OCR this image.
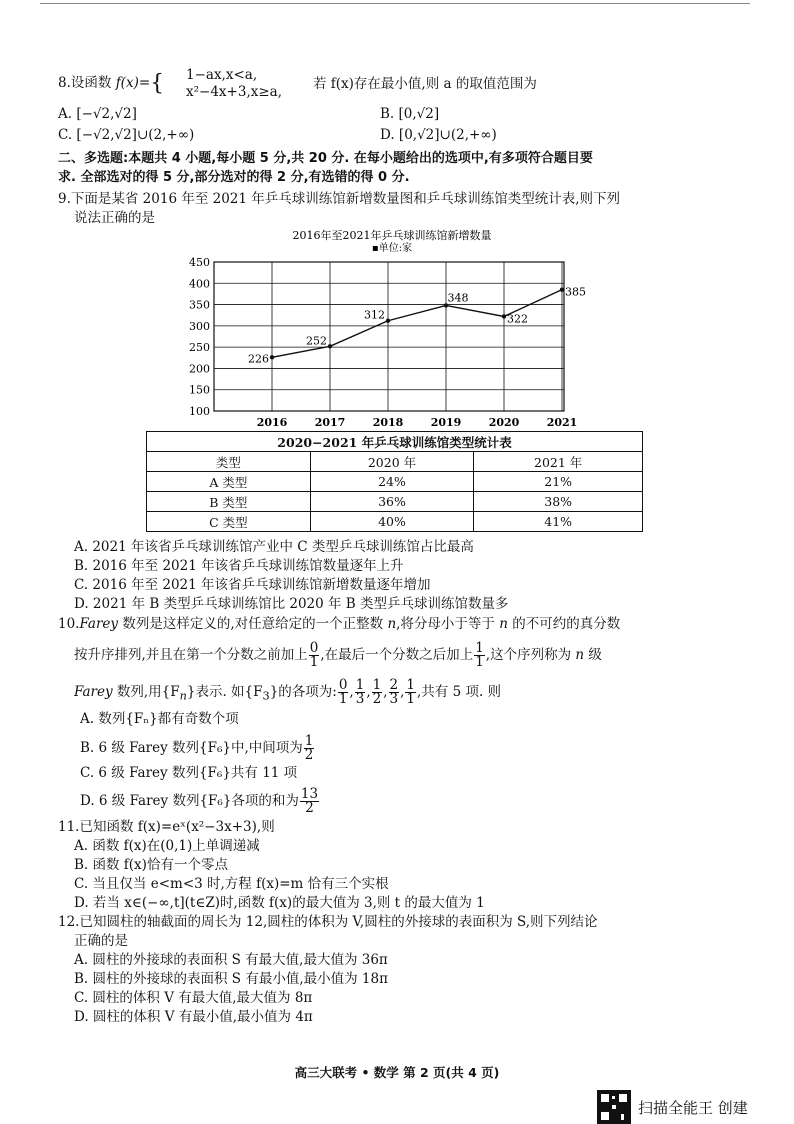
8.设函数 f(x)={ 1−ax,x<a,
x²−4x+3,x≥a, 若 f(x)存在最小值,则 a 的取值范围为
A. [−√2,√2]	B. [0,√2]
C. [−√2,√2]∪(2,+∞)	D. [0,√2]∪(2,+∞)
二、多选题:本题共 4 小题,每小题 5 分,共 20 分. 在每小题给出的选项中,有多项符合题目要
求. 全部选对的得 5 分,部分选对的得 2 分,有选错的得 0 分.
9.下面是某省 2016 年至 2021 年乒乓球训练馆新增数量图和乒乓球训练馆类型统计表,则下列
说法正确的是
2016年至2021年乒乓球训练馆新增数量
▪单位:家
100
150
200
250
300
350
400
450
2016 2017 2018 2019 2020 2021
226
252
312
348
322
385
2020−2021 年乒乓球训练馆类型统计表		
类型	2020 年	2021 年
A 类型	24%	21%
B 类型	36%	38%
C 类型	40%	41%
A. 2021 年该省乒乓球训练馆产业中 C 类型乒乓球训练馆占比最高
B. 2016 年至 2021 年该省乒乓球训练馆数量逐年上升
C. 2016 年至 2021 年该省乒乓球训练馆新增数量逐年增加
D. 2021 年 B 类型乒乓球训练馆比 2020 年 B 类型乒乓球训练馆数量多
10.Farey 数列是这样定义的,对任意给定的一个正整数 n,将分母小于等于 n 的不可约的真分数
按升序排列,并且在第一个分数之前加上 $\frac{0}{1}$ ,在最后一个分数之后加上 $\frac{1}{1}$ ,这个序列称为 n 级
Farey 数列,用$\{F_n\}$表示. 如$\{F_3\}$的各项为: $\frac{0}{1}$ , $\frac{1}{3}$ , $\frac{1}{2}$ , $\frac{2}{3}$ , $\frac{1}{1}$ ,共有 5 项. 则
A. 数列{Fₙ}都有奇数个项
B. 6 级 Farey 数列{F₆}中,中间项为 $\frac{1}{2}$
C. 6 级 Farey 数列{F₆}共有 11 项
D. 6 级 Farey 数列{F₆}各项的和为 $\frac{13}{2}$
11.已知函数 f(x)=eˣ(x²−3x+3),则
A. 函数 f(x)在(0,1)上单调递减
B. 函数 f(x)恰有一个零点
C. 当且仅当 e<m<3 时,方程 f(x)=m 恰有三个实根
D. 若当 x∈(−∞,t](t∈Z)时,函数 f(x)的最大值为 3,则 t 的最大值为 1
12.已知圆柱的轴截面的周长为 12,圆柱的体积为 V,圆柱的外接球的表面积为 S,则下列结论
正确的是
A. 圆柱的外接球的表面积 S 有最大值,最大值为 36π
B. 圆柱的外接球的表面积 S 有最小值,最小值为 18π
C. 圆柱的体积 V 有最大值,最大值为 8π
D. 圆柱的体积 V 有最小值,最小值为 4π
高三大联考 • 数学 第 2 页(共 4 页)
扫描全能王 创建
